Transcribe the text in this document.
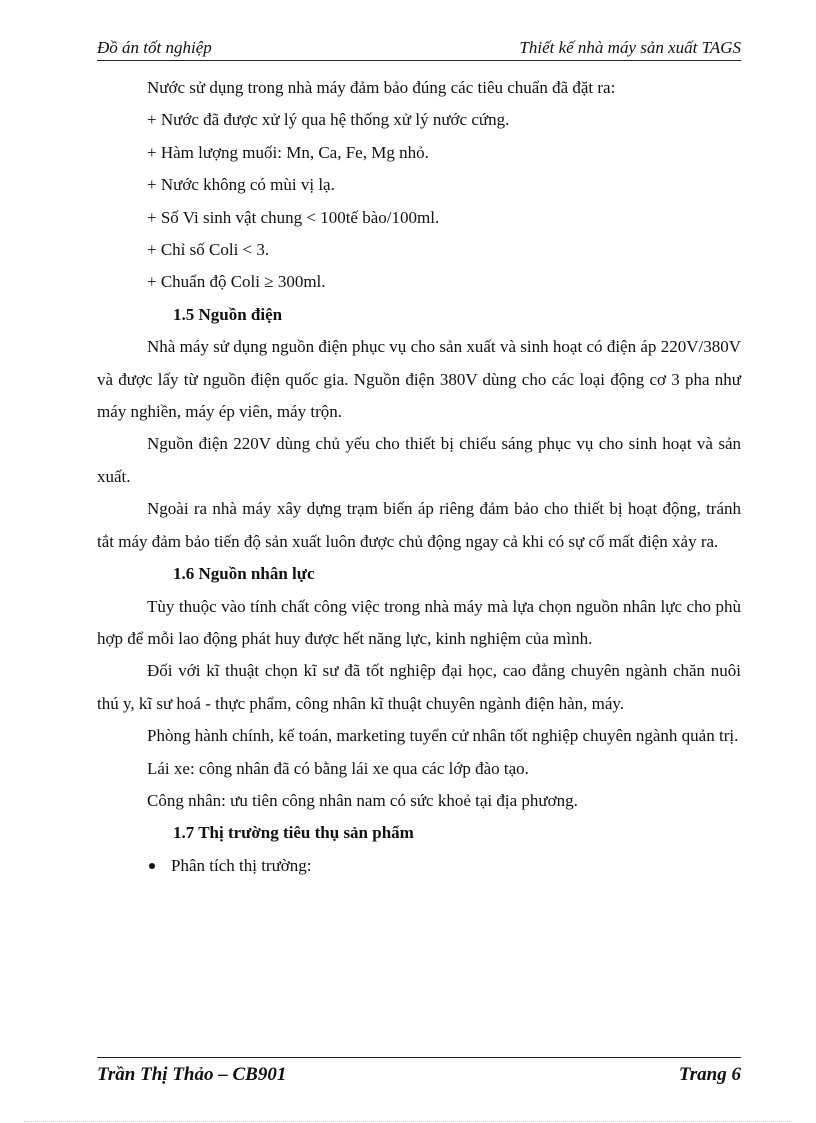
Đồ án tốt nghiệp	Thiết kế nhà máy sản xuất TAGS

Nước sử dụng trong nhà máy đảm bảo đúng các tiêu chuẩn đã đặt ra:

+ Nước đã được xử lý qua hệ thống xử lý nước cứng.

+ Hàm lượng muối: Mn, Ca, Fe, Mg nhỏ.

+ Nước không có mùi vị lạ.

+ Số Vi sinh vật chung < 100tế bào/100ml.

+ Chỉ số Coli < 3.

+ Chuẩn độ Coli ≥ 300ml.

1.5 Nguồn điện

Nhà máy sử dụng nguồn điện phục vụ cho sản xuất và sinh hoạt có điện áp 220V/380V và được lấy từ nguồn điện quốc gia. Nguồn điện 380V dùng cho các loại động cơ 3 pha như máy nghiền, máy ép viên, máy trộn.

Nguồn điện 220V dùng chủ yếu cho thiết bị chiếu sáng phục vụ cho sinh hoạt và sản xuất.

Ngoài ra nhà máy xây dựng trạm biến áp riêng đảm bảo cho thiết bị hoạt động, tránh tắt máy đảm bảo tiến độ sản xuất luôn được chủ động ngay cả khi có sự cố mất điện xảy ra.

1.6 Nguồn nhân lực

Tùy thuộc vào tính chất công việc trong nhà máy mà lựa chọn nguồn nhân lực cho phù hợp để mỗi lao động phát huy được hết năng lực, kinh nghiệm của mình.

Đối với kĩ thuật chọn kĩ sư đã tốt nghiệp đại học, cao đẳng chuyên ngành chăn nuôi thú y, kĩ sư hoá - thực phẩm, công nhân kĩ thuật chuyên ngành điện hàn, máy.

Phòng hành chính, kế toán, marketing tuyển cử nhân tốt nghiệp chuyên ngành quản trị.

Lái xe: công nhân đã có bằng lái xe qua các lớp đào tạo.

Công nhân: ưu tiên công nhân nam có sức khoẻ tại địa phương.

1.7 Thị trường tiêu thụ sản phẩm
Phân tích thị trường:
Trần Thị Thảo – CB901	Trang 6
